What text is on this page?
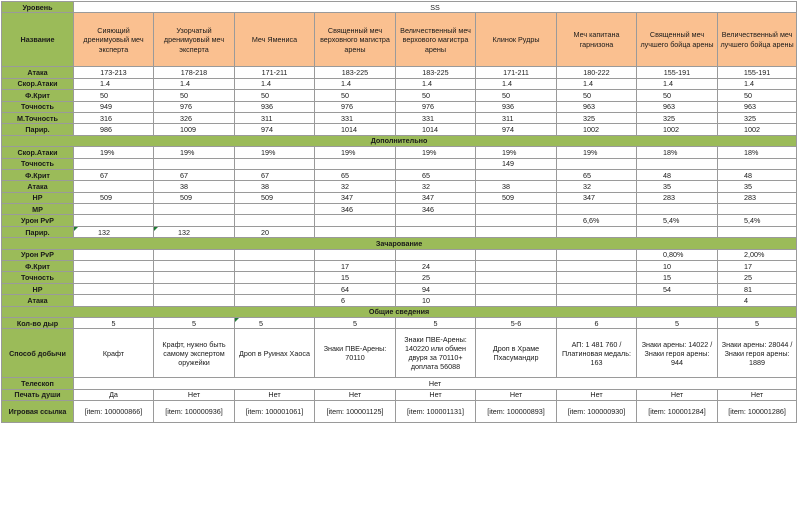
Уровень	SS								
Название	Сияющий дренимуовый меч эксперта	Узорчатый дренимуовый меч эксперта	Меч Ямениса	Священный меч верховного магистра арены	Величественный меч верхового магистра арены	Клинок Рудры	Меч капитана гарнизона	Священный меч лучшего бойца арены	Величественный меч лучшего бойца арены
Атака	173-213	178-218	171-211	183-225	183-225	171-211	180-222	155-191	155-191
Скор.Атаки	1.4	1.4	1.4	1.4	1.4	1.4	1.4	1.4	1.4
Ф.Крит	50	50	50	50	50	50	50	50	50
Точность	949	976	936	976	976	936	963	963	963
М.Точность	316	326	311	331	331	311	325	325	325
Парир.	986	1009	974	1014	1014	974	1002	1002	1002
Дополнительно									
Скор.Атаки	19%	19%	19%	19%	19%	19%	19%	18%	18%
Точность						149			
Ф.Крит	67	67	67	65	65		65	48	48
Атака		38	38	32	32	38	32	35	35
HP	509	509	509	347	347	509	347	283	283
MP				346	346				
Урон PvP							6,6%	5,4%	5,4%
Парир.	132	132	20						
Зачарование									
Урон PvP								0,80%	2,00%
Ф.Крит				17	24			10	17
Точность				15	25			15	25
HP				64	94			54	81
Атака				6	10				4
Общие сведения									
Кол-во дыр	5	5	5	5	5	5-6	6	5	5
Способ добычи	Крафт	Крафт, нужно быть самому экспертом оружейки	Дроп в Руинах Хаоса	Знаки ПВЕ-Арены: 70110	Знаки ПВЕ-Арены: 140220 или обмен двуря за 70110+ доплата 56088	Дроп в Храме Пхасумандир	АП: 1 481 760 / Платиновая медаль: 163	Знаки арены: 14022 / Знаки героя арены: 944	Знаки арены: 28044 / Знаки героя арены: 1889
Телескоп	Нет								
Печать души	Да	Нет	Нет	Нет	Нет	Нет	Нет	Нет	Нет
Игровая ссылка	[item: 100000866]	[item: 100000936]	[item: 100001061]	[item: 100001125]	[item: 100001131]	[item: 100000893]	[item: 100000930]	[item: 100001284]	[item: 100001286]
